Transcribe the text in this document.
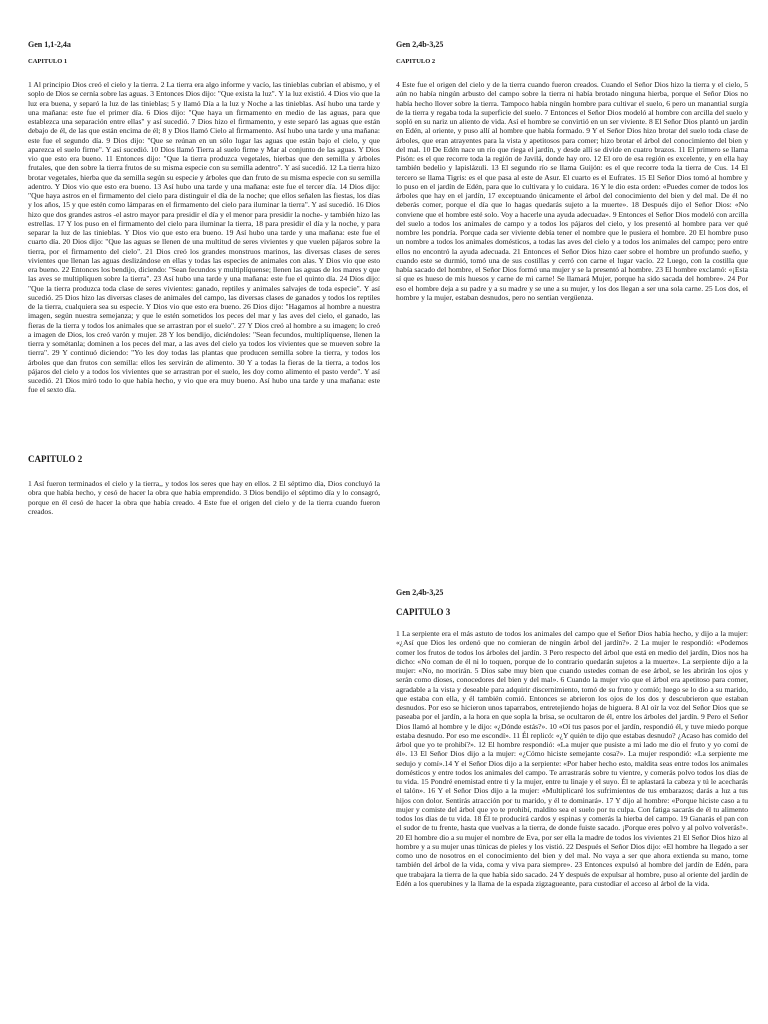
Gen 1,1-2,4a

CAPITULO 1

1 Al principio Dios creó el cielo y la tierra. 2 La tierra era algo informe y vacío, las tinieblas cubrían el abismo, y el soplo de Dios se cernía sobre las aguas. 3 Entonces Dios dijo: "Que exista la luz". Y la luz existió. 4 Dios vio que la luz era buena, y separó la luz de las tinieblas; 5 y llamó Día a la luz y Noche a las tinieblas. Así hubo una tarde y una mañana: este fue el primer día. 6 Dios dijo: "Que haya un firmamento en medio de las aguas, para que establezca una separación entre ellas" y así sucedió. 7 Dios hizo el firmamento, y este separó las aguas que están debajo de él, de las que están encima de él; 8 y Dios llamó Cielo al firmamento. Así hubo una tarde y una mañana: este fue el segundo día. 9 Dios dijo: "Que se reúnan en un sólo lugar las aguas que están bajo el cielo, y que aparezca el suelo firme". Y así sucedió. 10 Dios llamó Tierra al suelo firme y Mar al conjunto de las aguas. Y Dios vio que esto era bueno. 11 Entonces dijo: "Que la tierra produzca vegetales, hierbas que den semilla y árboles frutales, que den sobre la tierra frutos de su misma especie con su semilla adentro". Y así sucedió. 12 La tierra hizo brotar vegetales, hierba que da semilla según su especie y árboles que dan fruto de su misma especie con su semilla adentro. Y Dios vio que esto era bueno. 13 Así hubo una tarde y una mañana: este fue el tercer día. 14 Dios dijo: "Que haya astros en el firmamento del cielo para distinguir el día de la noche; que ellos señalen las fiestas, los días y los años, 15 y que estén como lámparas en el firmamento del cielo para iluminar la tierra". Y así sucedió. 16 Dios hizo que dos grandes astros -el astro mayor para presidir el día y el menor para presidir la noche- y también hizo las estrellas. 17 Y los puso en el firmamento del cielo para iluminar la tierra, 18 para presidir el día y la noche, y para separar la luz de las tinieblas. Y Dios vio que esto era bueno. 19 Así hubo una tarde y una mañana: este fue el cuarto día. 20 Dios dijo: "Que las aguas se llenen de una multitud de seres vivientes y que vuelen pájaros sobre la tierra, por el firmamento del cielo". 21 Dios creó los grandes monstruos marinos, las diversas clases de seres vivientes que llenan las aguas deslizándose en ellas y todas las especies de animales con alas. Y Dios vio que esto era bueno. 22 Entonces los bendijo, diciendo: "Sean fecundos y multiplíquense; llenen las aguas de los mares y que las aves se multipliquen sobre la tierra". 23 Así hubo una tarde y una mañana: este fue el quinto día. 24 Dios dijo: "Que la tierra produzca toda clase de seres vivientes: ganado, reptiles y animales salvajes de toda especie". Y así sucedió. 25 Dios hizo las diversas clases de animales del campo, las diversas clases de ganados y todos los reptiles de la tierra, cualquiera sea su especie. Y Dios vio que esto era bueno. 26 Dios dijo: "Hagamos al hombre a nuestra imagen, según nuestra semejanza; y que le estén sometidos los peces del mar y las aves del cielo, el ganado, las fieras de la tierra y todos los animales que se arrastran por el suelo". 27 Y Dios creó al hombre a su imagen; lo creó a imagen de Dios, los creó varón y mujer. 28 Y los bendijo, diciéndoles: "Sean fecundos, multiplíquense, llenen la tierra y sométanla; dominen a los peces del mar, a las aves del cielo ya todos los vivientes que se mueven sobre la tierra". 29 Y continuó diciendo: "Yo les doy todas las plantas que producen semilla sobre la tierra, y todos los árboles que dan frutos con semilla: ellos les servirán de alimento. 30 Y a todas la fieras de la tierra, a todos los pájaros del cielo y a todos los vivientes que se arrastran por el suelo, les doy como alimento el pasto verde". Y así sucedió. 21 Dios miró todo lo que había hecho, y vio que era muy bueno. Así hubo una tarde y una mañana: este fue el sexto día.

CAPITULO 2

1 Así fueron terminados el cielo y la tierra,, y todos los seres que hay en ellos. 2 El séptimo día, Dios concluyó la obra que había hecho, y cesó de hacer la obra que había emprendido. 3 Dios bendijo el séptimo día y lo consagró, porque en él cesó de hacer la obra que había creado. 4 Este fue el origen del cielo y de la tierra cuando fueron creados.

Gen 2,4b-3,25

CAPITULO 2

4 Este fue el origen del cielo y de la tierra cuando fueron creados. Cuando el Señor Dios hizo la tierra y el cielo, 5 aún no había ningún arbusto del campo sobre la tierra ni había brotado ninguna hierba, porque el Señor Dios no había hecho llover sobre la tierra. Tampoco había ningún hombre para cultivar el suelo, 6 pero un manantial surgía de la tierra y regaba toda la superficie del suelo. 7 Entonces el Señor Dios modeló al hombre con arcilla del suelo y sopló en su nariz un aliento de vida. Así el hombre se convirtió en un ser viviente. 8 El Señor Dios plantó un jardín en Edén, al oriente, y puso allí al hombre que había formado. 9 Y el Señor Dios hizo brotar del suelo toda clase de árboles, que eran atrayentes para la vista y apetitosos para comer; hizo brotar el árbol del conocimiento del bien y del mal. 10 De Edén nace un río que riega el jardín, y desde allí se divide en cuatro brazos. 11 El primero se llama Pisón: es el que recorre toda la región de Javilá, donde hay oro. 12 El oro de esa región es excelente, y en ella hay también bedelio y lapislázuli. 13 El segundo río se llama Guijón: es el que recorre toda la tierra de Cus. 14 El tercero se llama Tigris: es el que pasa al este de Asur. El cuarto es el Eufrates. 15 El Señor Dios tomó al hombre y lo puso en el jardín de Edén, para que lo cultivara y lo cuidara. 16 Y le dio esta orden: «Puedes comer de todos los árboles que hay en el jardín, 17 exceptuando únicamente el árbol del conocimiento del bien y del mal. De él no deberás comer, porque el día que lo hagas quedarás sujeto a la muerte». 18 Después dijo el Señor Dios: «No conviene que el hombre esté solo. Voy a hacerle una ayuda adecuada». 9 Entonces el Señor Dios modeló con arcilla del suelo a todos los animales de campo y a todos los pájaros del cielo, y los presentó al hombre para ver qué nombre les pondría. Porque cada ser viviente debía tener el nombre que le pusiera el hombre. 20 El hombre puso un nombre a todos los animales domésticos, a todas las aves del cielo y a todos los animales del campo; pero entre ellos no encontró la ayuda adecuada. 21 Entonces el Señor Dios hizo caer sobre el hombre un profundo sueño, y cuando este se durmió, tomó una de sus costillas y cerró con carne el lugar vacío. 22 Luego, con la costilla que había sacado del hombre, el Señor Dios formó una mujer y se la presentó al hombre. 23 El hombre exclamó: «¡Esta sí que es hueso de mis huesos y carne de mi carne! Se llamará Mujer, porque ha sido sacada del hombre». 24 Por eso el hombre deja a su padre y a su madre y se une a su mujer, y los dos llegan a ser una sola carne. 25 Los dos, el hombre y la mujer, estaban desnudos, pero no sentían vergüenza.

Gen 2,4b-3,25

CAPITULO 3

1 La serpiente era el más astuto de todos los animales del campo que el Señor Dios había hecho, y dijo a la mujer: «¿Así que Dios les ordenó que no comieran de ningún árbol del jardín?». 2 La mujer le respondió: «Podemos comer los frutos de todos los árboles del jardín. 3 Pero respecto del árbol que está en medio del jardín, Dios nos ha dicho: «No coman de él ni lo toquen, porque de lo contrario quedarán sujetos a la muerte». La serpiente dijo a la mujer: «No, no morirán. 5 Dios sabe muy bien que cuando ustedes coman de ese árbol, se les abrirán los ojos y serán como dioses, conocedores del bien y del mal». 6 Cuando la mujer vio que el árbol era apetitoso para comer, agradable a la vista y deseable para adquirir discernimiento, tomó de su fruto y comió; luego se lo dio a su marido, que estaba con ella, y él también comió. Entonces se abrieron los ojos de los dos y descubrieron que estaban desnudos. Por eso se hicieron unos taparrabos, entretejiendo hojas de higuera. 8 Al oír la voz del Señor Dios que se paseaba por el jardín, a la hora en que sopla la brisa, se ocultaron de él, entre los árboles del jardín. 9 Pero el Señor Dios llamó al hombre y le dijo: «¿Dónde estás?». 10 «Oí tus pasos por el jardín, respondió él, y tuve miedo porque estaba desnudo. Por eso me escondí». 11 Él replicó: «¿Y quién te dijo que estabas desnudo? ¿Acaso has comido del árbol que yo te prohibí?». 12 El hombre respondió: «La mujer que pusiste a mi lado me dio el fruto y yo comí de él». 13 El Señor Dios dijo a la mujer: «¿Cómo hiciste semejante cosa?». La mujer respondió: «La serpiente me sedujo y comí».14 Y el Señor Dios dijo a la serpiente: «Por haber hecho esto, maldita seas entre todos los animales domésticos y entre todos los animales del campo. Te arrastrarás sobre tu vientre, y comerás polvo todos los días de tu vida. 15 Pondré enemistad entre ti y la mujer, entre tu linaje y el suyo. Él te aplastará la cabeza y tú le acecharás el talón». 16 Y el Señor Dios dijo a la mujer: «Multiplicaré los sufrimientos de tus embarazos; darás a luz a tus hijos con dolor. Sentirás atracción por tu marido, y él te dominará». 17 Y dijo al hombre: «Porque hiciste caso a tu mujer y comiste del árbol que yo te prohibí, maldito sea el suelo por tu culpa. Con fatiga sacarás de él tu alimento todos los días de tu vida. 18 Él te producirá cardos y espinas y comerás la hierba del campo. 19 Ganarás el pan con el sudor de tu frente, hasta que vuelvas a la tierra, de donde fuiste sacado. ¡Porque eres polvo y al polvo volverás!». 20 El hombre dio a su mujer el nombre de Eva, por ser ella la madre de todos los vivientes 21 El Señor Dios hizo al hombre y a su mujer unas túnicas de pieles y los vistió. 22 Después el Señor Dios dijo: «El hombre ha llegado a ser como uno de nosotros en el conocimiento del bien y del mal. No vaya a ser que ahora extienda su mano, tome también del árbol de la vida, coma y viva para siempre». 23 Entonces expulsó al hombre del jardín de Edén, para que trabajara la tierra de la que había sido sacado. 24 Y después de expulsar al hombre, puso al oriente del jardín de Edén a los querubines y la llama de la espada zigzagueante, para custodiar el acceso al árbol de la vida.
